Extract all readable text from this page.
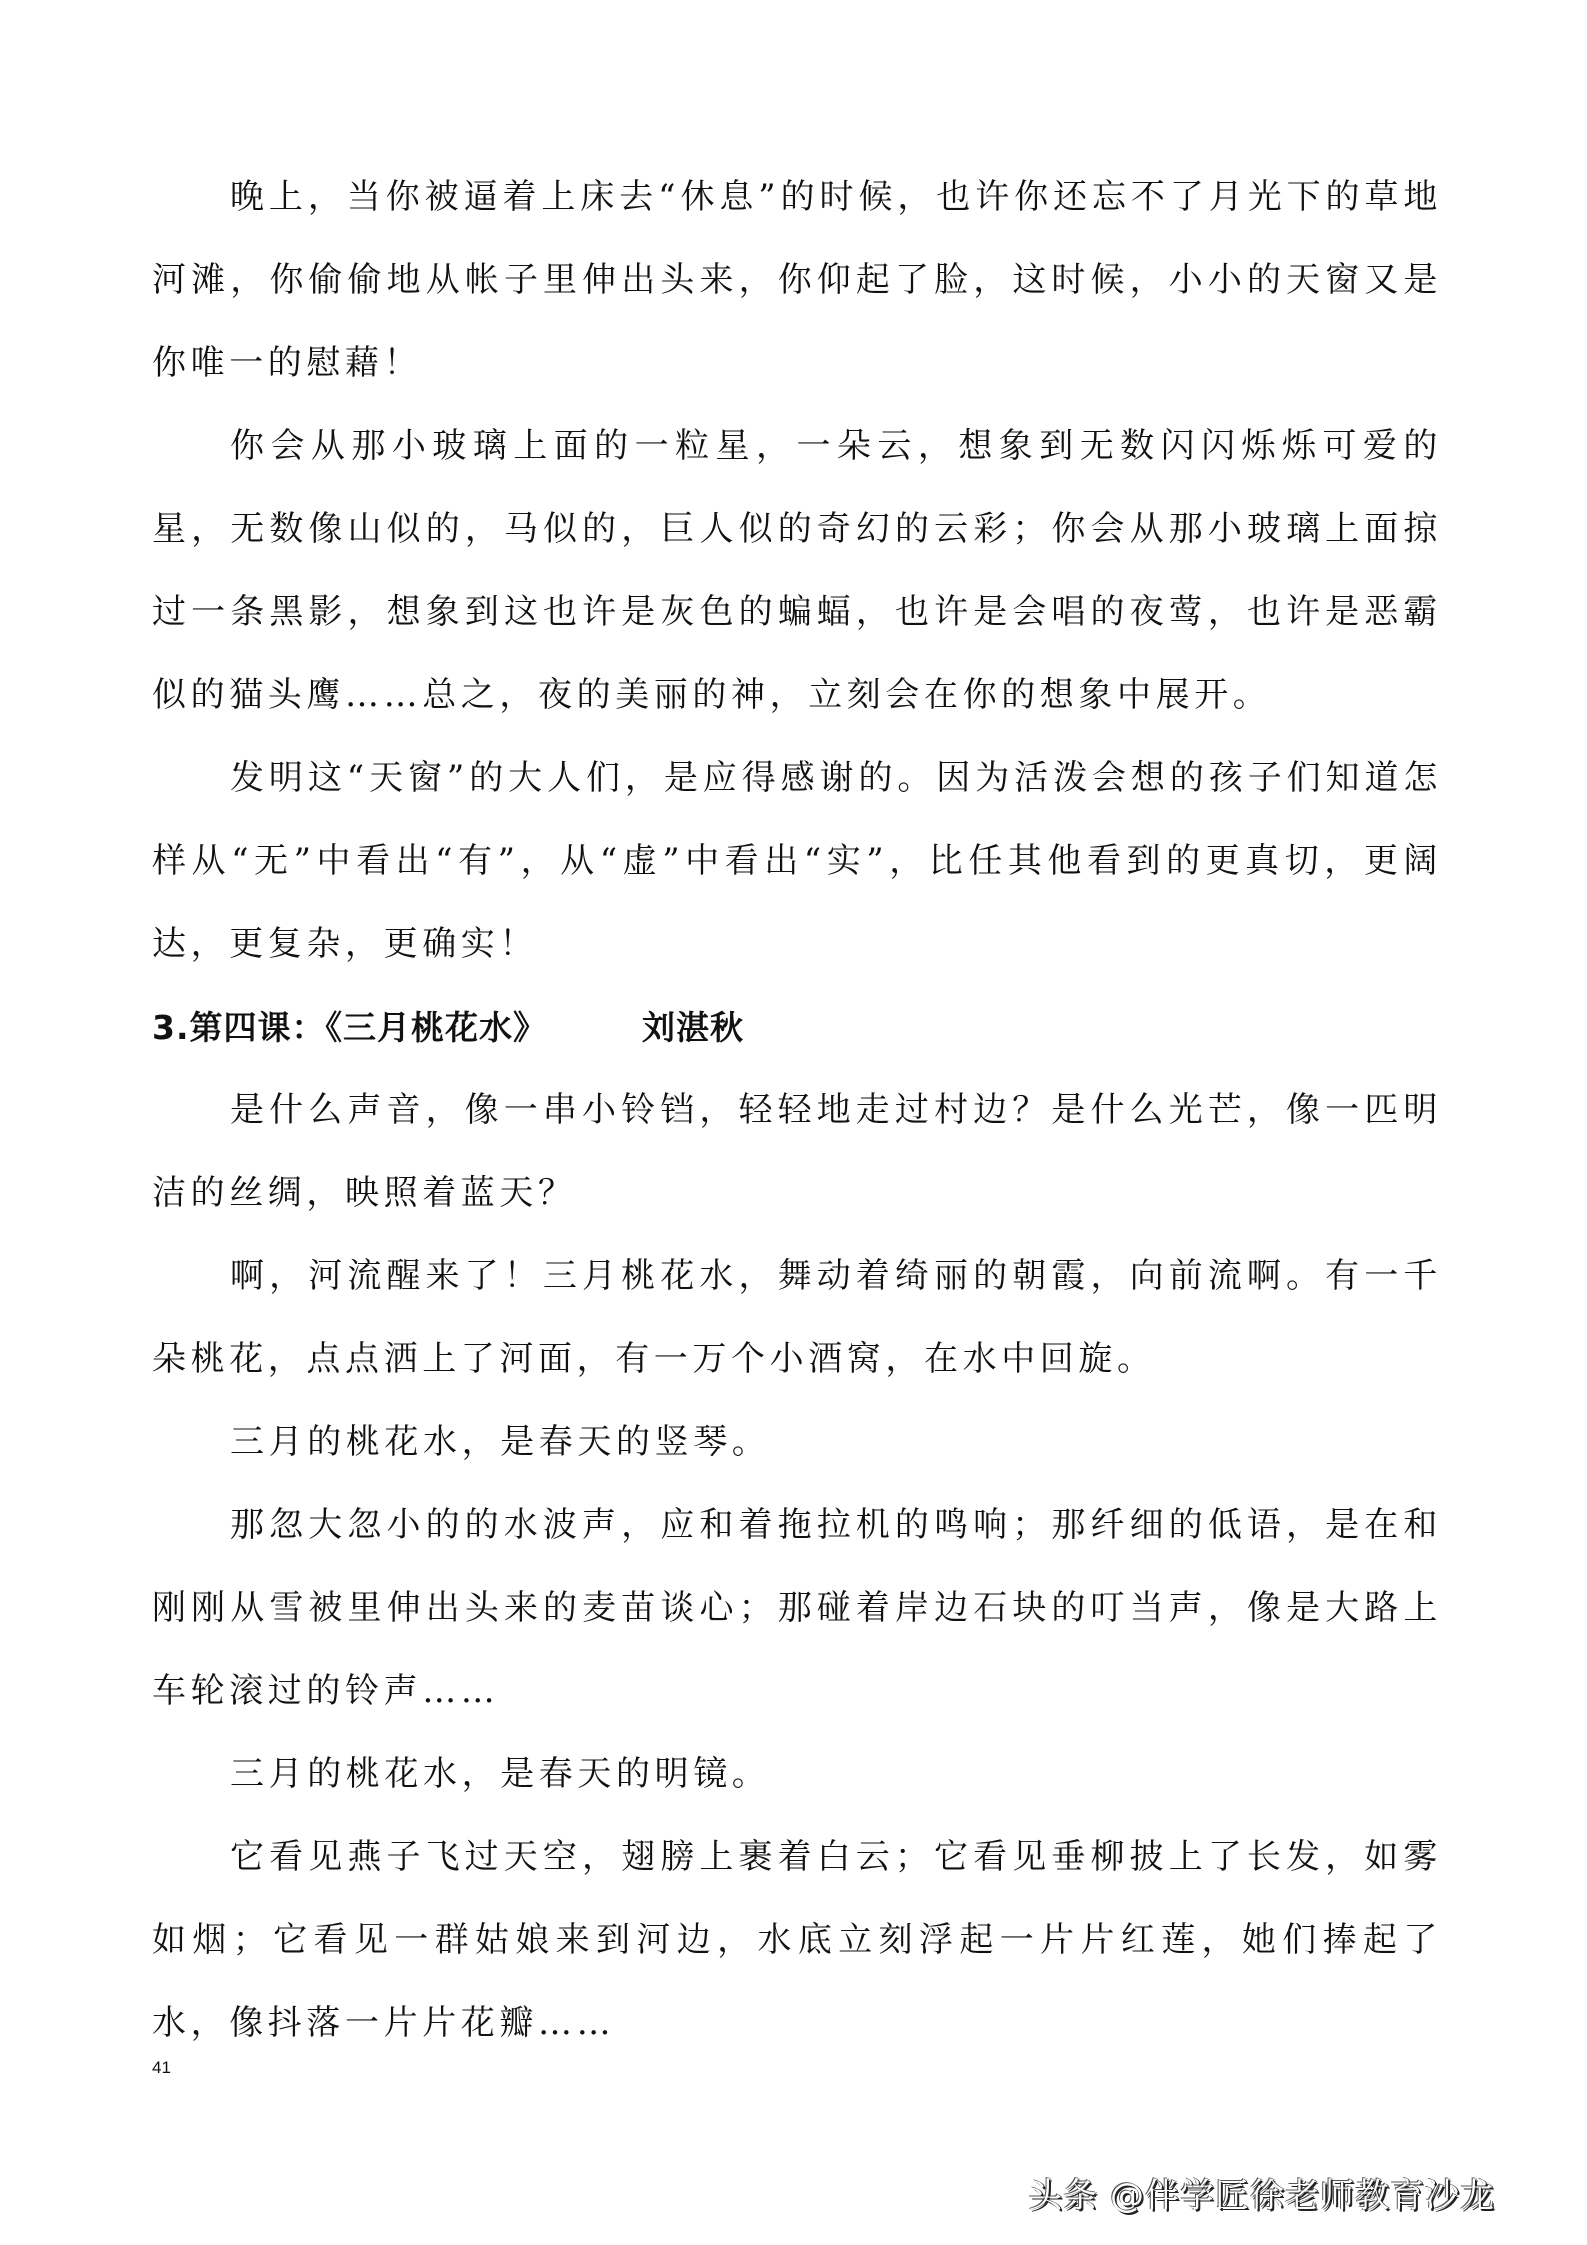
晚上，当你被逼着上床去“休息”的时候，也许你还忘不了月光下的草地河滩，你偷偷地从帐子里伸出头来，你仰起了脸，这时候，小小的天窗又是你唯一的慰藉！

你会从那小玻璃上面的一粒星，一朵云，想象到无数闪闪烁烁可爱的星，无数像山似的，马似的，巨人似的奇幻的云彩；你会从那小玻璃上面掠过一条黑影，想象到这也许是灰色的蝙蝠，也许是会唱的夜莺，也许是恶霸似的猫头鹰……总之，夜的美丽的神，立刻会在你的想象中展开。

发明这“天窗”的大人们，是应得感谢的。因为活泼会想的孩子们知道怎样从“无”中看出“有”，从“虚”中看出“实”，比任其他看到的更真切，更阔达，更复杂，更确实！

3.第四课：《三月桃花水》	刘湛秋

是什么声音，像一串小铃铛，轻轻地走过村边？是什么光芒，像一匹明洁的丝绸，映照着蓝天？

啊，河流醒来了！三月桃花水，舞动着绮丽的朝霞，向前流啊。有一千朵桃花，点点洒上了河面，有一万个小酒窝，在水中回旋。

三月的桃花水，是春天的竖琴。

那忽大忽小的的水波声，应和着拖拉机的鸣响；那纤细的低语，是在和刚刚从雪被里伸出头来的麦苗谈心；那碰着岸边石块的叮当声，像是大路上车轮滚过的铃声……

三月的桃花水，是春天的明镜。

它看见燕子飞过天空，翅膀上裹着白云；它看见垂柳披上了长发，如雾如烟；它看见一群姑娘来到河边，水底立刻浮起一片片红莲，她们捧起了水，像抖落一片片花瓣……

41
头条 @伴学匠徐老师教育沙龙
